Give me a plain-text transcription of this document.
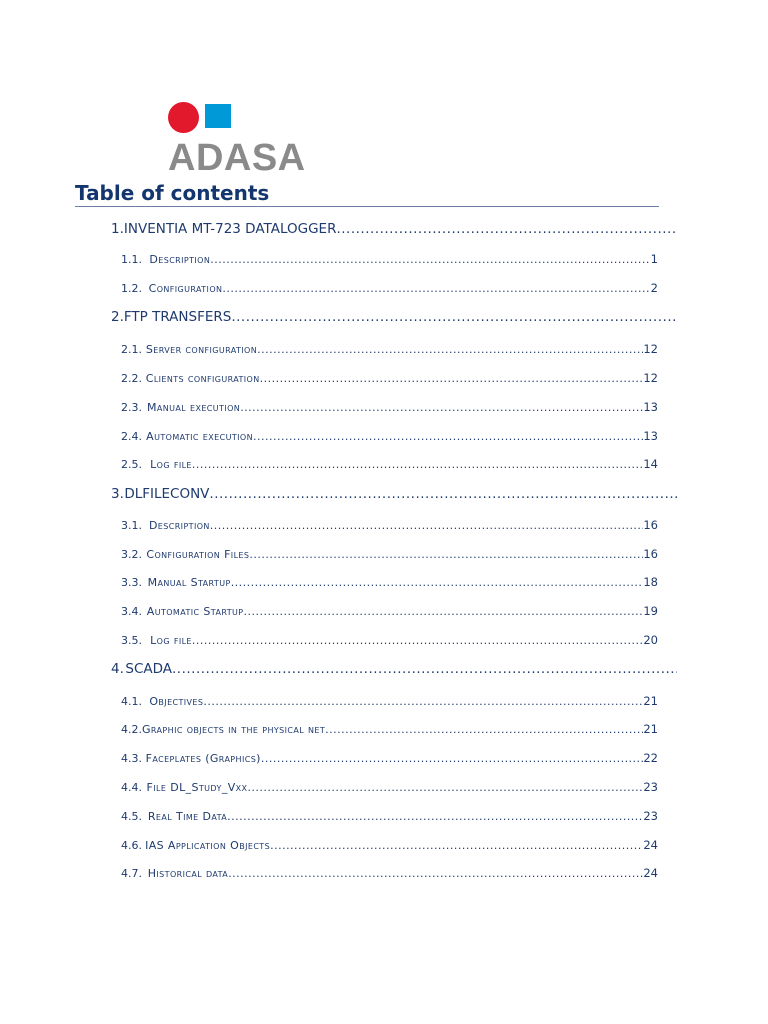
ADASA
Table of contents
1. INVENTIA MT-723 DATALOGGER
.....
1.1. Description .....	1
1.2. Configuration .....	2
2. FTP TRANSFERS
.....
2.1. Server configuration .....	12
2.2. Clients configuration .....	12
2.3. Manual execution .....	13
2.4. Automatic execution .....	13
2.5. Log file .....	14
3. DLFILECONV
.....
3.1. Description .....	16
3.2. Configuration Files .....	16
3.3. Manual Startup .....	18
3.4. Automatic Startup .....	19
3.5. Log file .....	20
4. SCADA
.....
4.1. Objectives .....	21
4.2. Graphic objects in the physical net .....	21
4.3. Faceplates (Graphics) .....	22
4.4. File DL_Study_Vxx .....	23
4.5. Real Time Data .....	23
4.6. IAS Application Objects .....	24
4.7. Historical data .....	24
